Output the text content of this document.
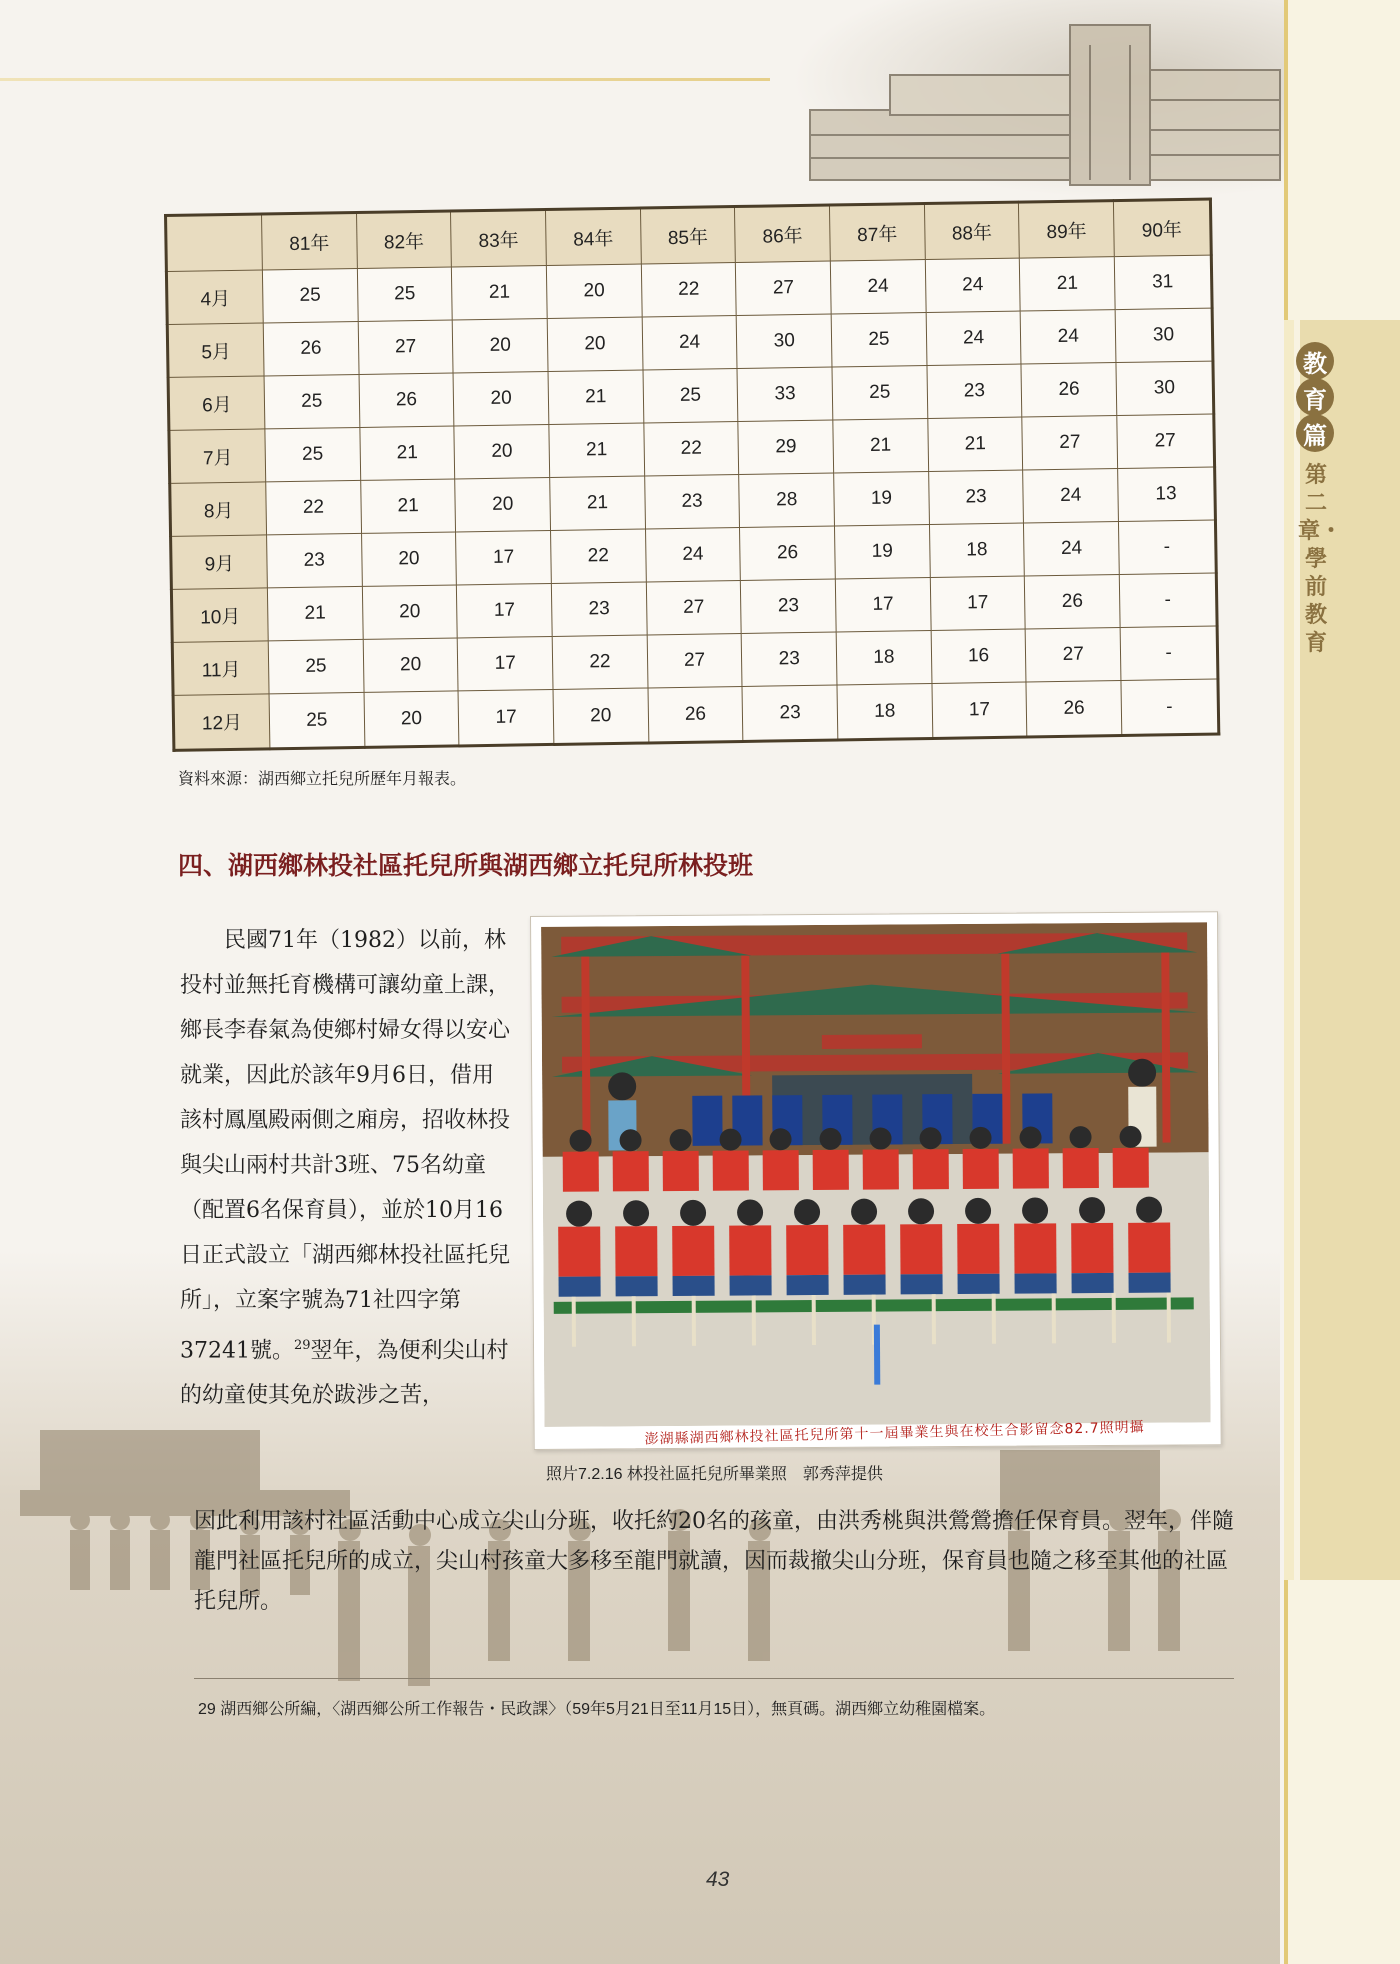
教
育
篇
第二章・學前教育
	81年	82年	83年	84年	85年	86年	87年	88年	89年	90年
4月	25	25	21	20	22	27	24	24	21	31
5月	26	27	20	20	24	30	25	24	24	30
6月	25	26	20	21	25	33	25	23	26	30
7月	25	21	20	21	22	29	21	21	27	27
8月	22	21	20	21	23	28	19	23	24	13
9月	23	20	17	22	24	26	19	18	24	-
10月	21	20	17	23	27	23	17	17	26	-
11月	25	20	17	22	27	23	18	16	27	-
12月	25	20	17	20	26	23	18	17	26	-
資料來源：湖西鄉立托兒所歷年月報表。
四、湖西鄉林投社區托兒所與湖西鄉立托兒所林投班

民國71年（1982）以前，林投村並無托育機構可讓幼童上課，鄉長李春氣為使鄉村婦女得以安心就業，因此於該年9月6日，借用該村鳳凰殿兩側之廂房，招收林投與尖山兩村共計3班、75名幼童（配置6名保育員），並於10月16日正式設立「湖西鄉林投社區托兒所」，立案字號為71社四字第37241號。$^{29}$翌年，為便利尖山村的幼童使其免於跋涉之苦，

澎湖縣湖西鄉林投社區托兒所第十一屆畢業生與在校生合影留念82.7照明攝
照片7.2.16 林投社區托兒所畢業照　郭秀萍提供

因此利用該村社區活動中心成立尖山分班，收托約20名的孩童，由洪秀桃與洪鶯鶯擔任保育員。翌年，伴隨龍門社區托兒所的成立，尖山村孩童大多移至龍門就讀，因而裁撤尖山分班，保育員也隨之移至其他的社區托兒所。

29 湖西鄉公所編，〈湖西鄉公所工作報告・民政課〉（59年5月21日至11月15日），無頁碼。湖西鄉立幼稚園檔案。
43
